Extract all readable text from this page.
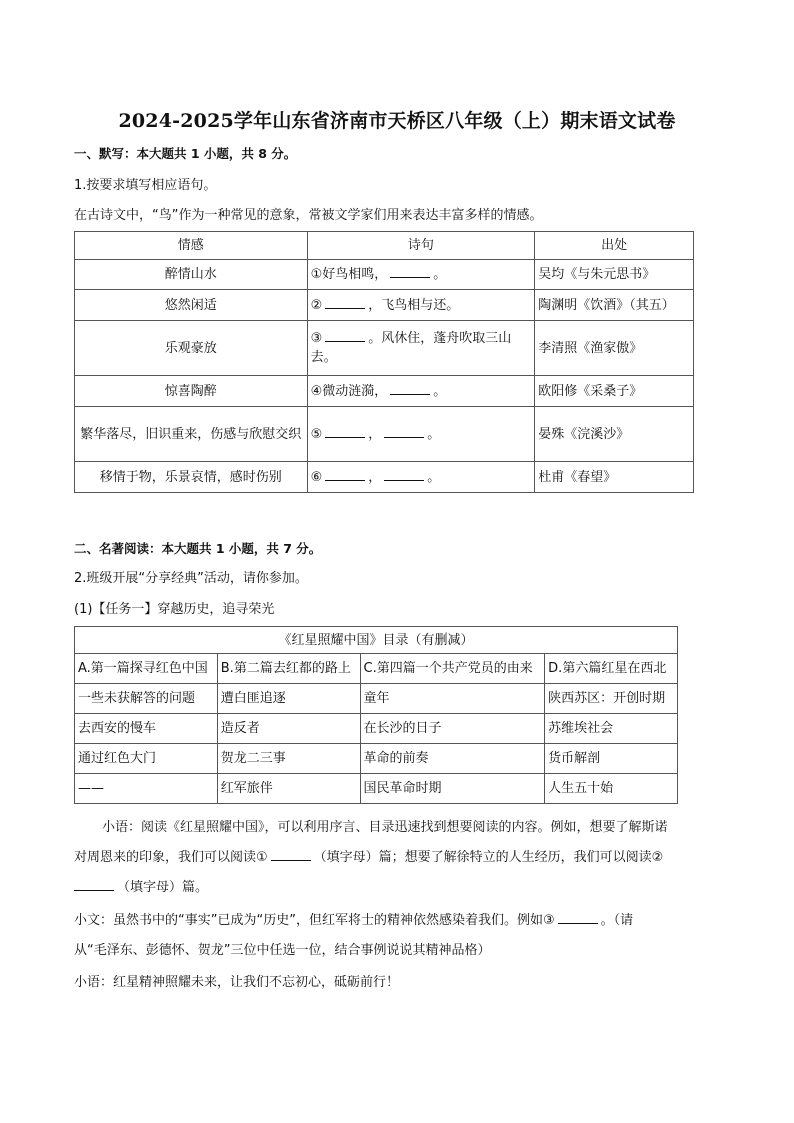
2024-2025学年山东省济南市天桥区八年级（上）期末语文试卷
一、默写：本大题共 1 小题，共 8 分。
1.按要求填写相应语句。
在古诗文中，“鸟”作为一种常见的意象，常被文学家们用来表达丰富多样的情感。
情感	诗句	出处
醉情山水	①好鸟相鸣， 。	吴均《与朱元思书》
悠然闲适	② ，飞鸟相与还。	陶渊明《饮酒》（其五）
乐观豪放	③ 。风休住，蓬舟吹取三山去。	李清照《渔家傲》
惊喜陶醉	④微动涟漪， 。	欧阳修《采桑子》
繁华落尽，旧识重来，伤感与欣慰交织	⑤ ， 。	晏殊《浣溪沙》
移情于物，乐景哀情，感时伤别	⑥ ， 。	杜甫《春望》
二、名著阅读：本大题共 1 小题，共 7 分。
2.班级开展“分享经典”活动，请你参加。
(1)【任务一】穿越历史，追寻荣光
《红星照耀中国》目录（有删减）			
A.第一篇探寻红色中国	B.第二篇去红都的路上	C.第四篇一个共产党员的由来	D.第六篇红星在西北
一些未获解答的问题	遭白匪追逐	童年	陕西苏区：开创时期
去西安的慢车	造反者	在长沙的日子	苏维埃社会
通过红色大门	贺龙二三事	革命的前奏	货币解剖
——	红军旅伴	国民革命时期	人生五十始
小语：阅读《红星照耀中国》，可以利用序言、目录迅速找到想要阅读的内容。例如，想要了解斯诺
对周恩来的印象，我们可以阅读①	（填字母）篇；想要了解徐特立的人生经历，我们可以阅读②
（填字母）篇。
小文：虽然书中的“事实”已成为“历史”，但红军将士的精神依然感染着我们。例如③	。（请
从“毛泽东、彭德怀、贺龙”三位中任选一位，结合事例说说其精神品格）
小语：红星精神照耀未来，让我们不忘初心，砥砺前行！
